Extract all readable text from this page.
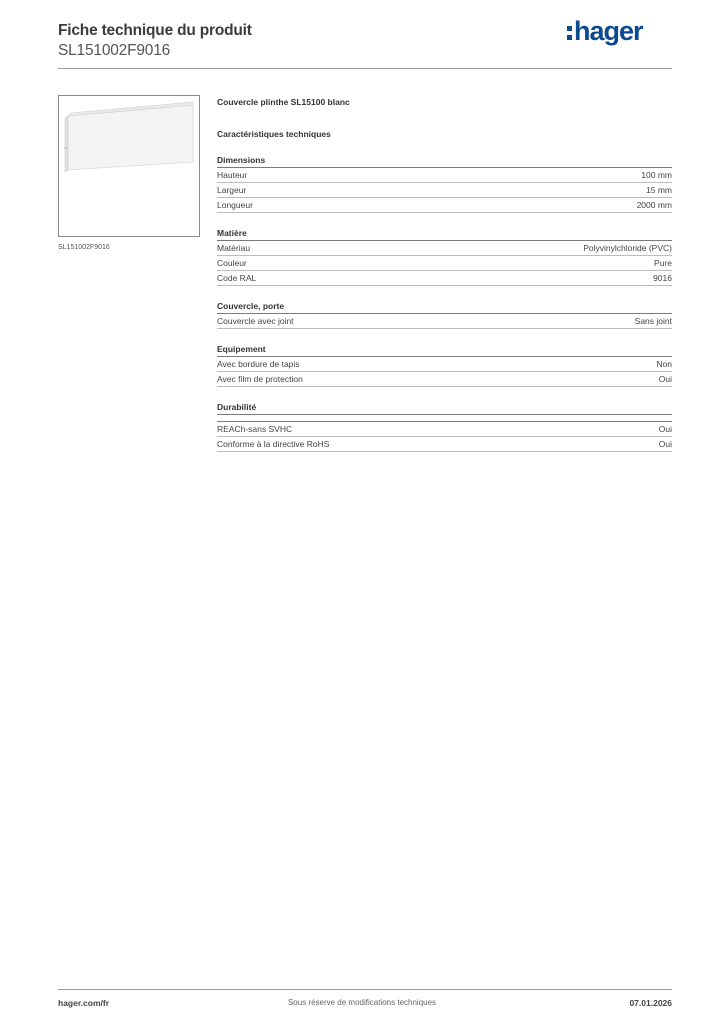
Fiche technique du produit
SL151002F9016
hager
SL151002F9016
Couvercle plinthe SL15100 blanc
Caractéristiques techniques
Dimensions
Hauteur	100 mm
Largeur	15 mm
Longueur	2000 mm
Matière
Matériau	Polyvinylchloride (PVC)
Couleur	Pure
Code RAL	9016
Couvercle, porte
Couvercle avec joint	Sans joint
Equipement
Avec bordure de tapis	Non
Avec film de protection	Oui
Durabilité
REACh-sans SVHC	Oui
Conforme à la directive RoHS	Oui
Sous réserve de modifications techniques
hager.com/fr	07.01.2026
